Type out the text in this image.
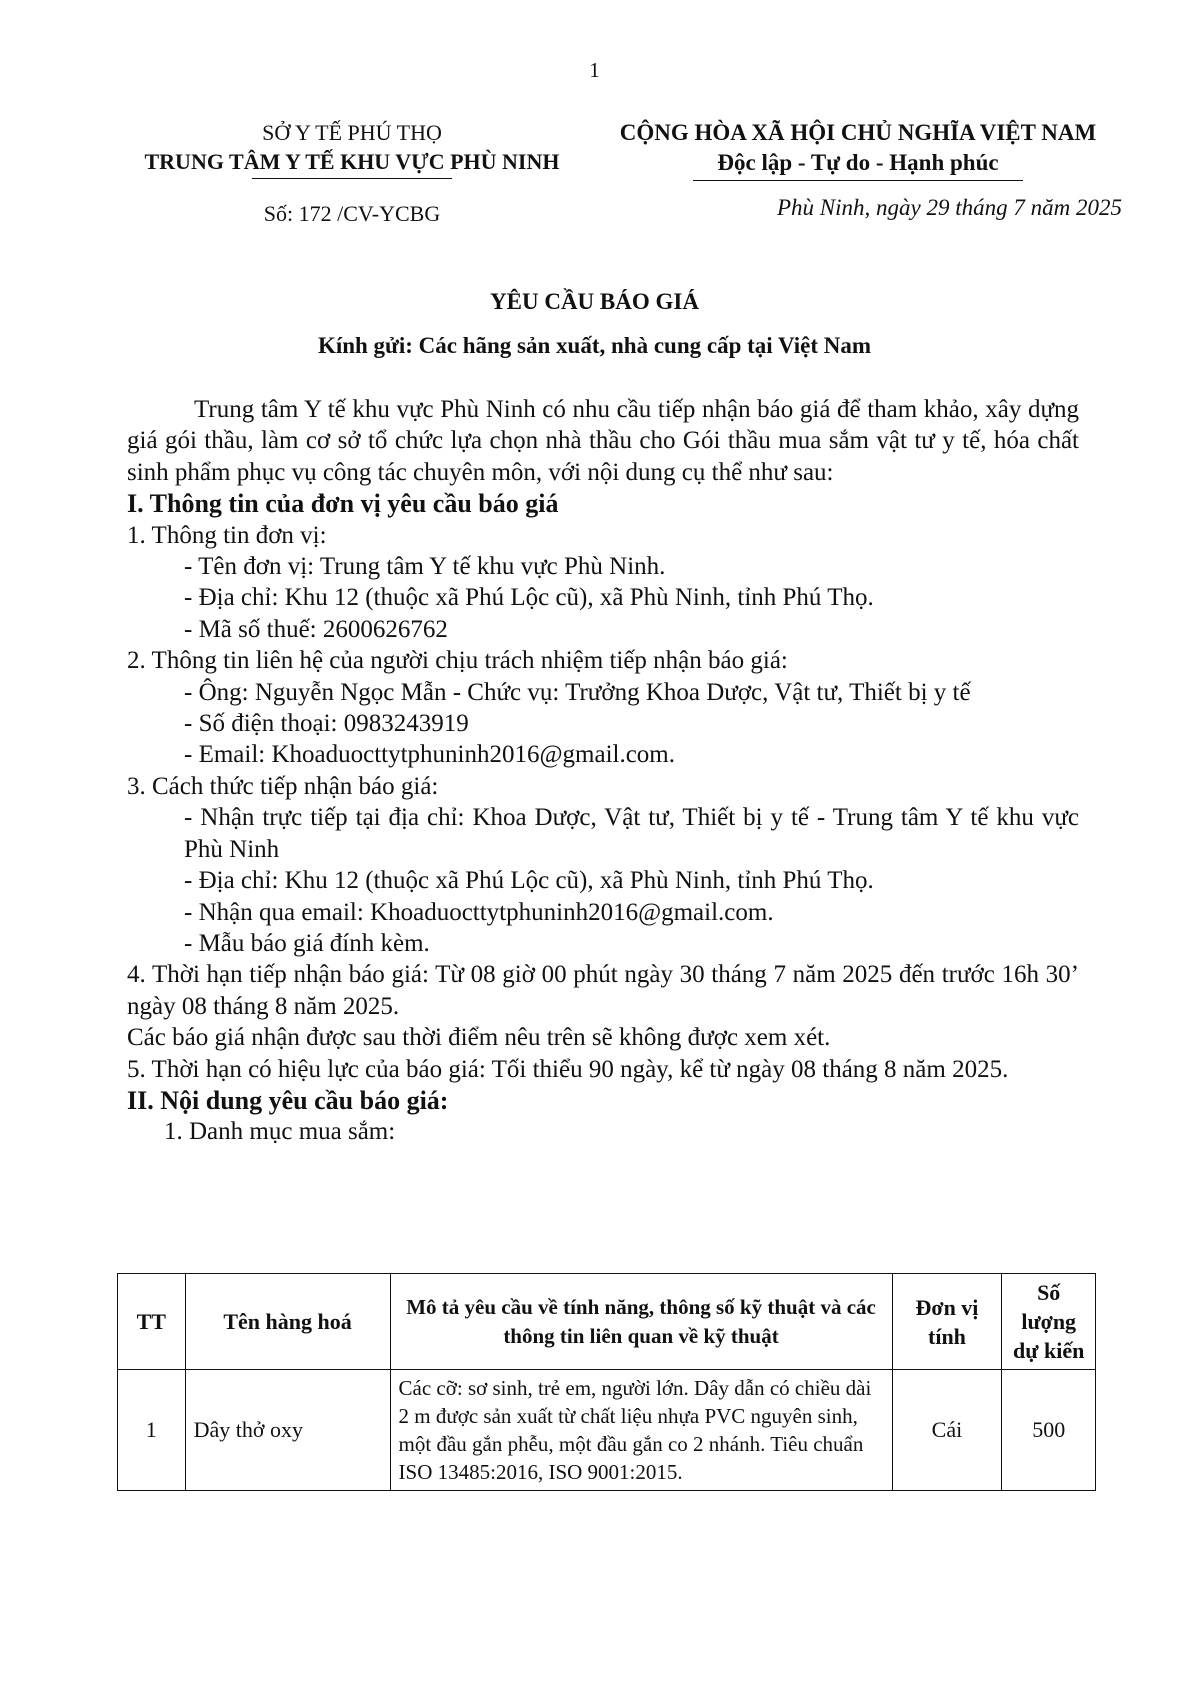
1
SỞ Y TẾ PHÚ THỌ
TRUNG TÂM Y TẾ KHU VỰC PHÙ NINH
Số: 172 /CV-YCBG
CỘNG HÒA XÃ HỘI CHỦ NGHĨA VIỆT NAM
Độc lập - Tự do - Hạnh phúc
Phù Ninh, ngày 29 tháng 7 năm 2025
YÊU CẦU BÁO GIÁ
Kính gửi: Các hãng sản xuất, nhà cung cấp tại Việt Nam

Trung tâm Y tế khu vực Phù Ninh có nhu cầu tiếp nhận báo giá để tham khảo, xây dựng giá gói thầu, làm cơ sở tổ chức lựa chọn nhà thầu cho Gói thầu mua sắm vật tư y tế, hóa chất sinh phẩm phục vụ công tác chuyên môn, với nội dung cụ thể như sau:

I. Thông tin của đơn vị yêu cầu báo giá

1. Thông tin đơn vị:

- Tên đơn vị: Trung tâm Y tế khu vực Phù Ninh.

- Địa chỉ: Khu 12 (thuộc xã Phú Lộc cũ), xã Phù Ninh, tỉnh Phú Thọ.

- Mã số thuế: 2600626762

2. Thông tin liên hệ của người chịu trách nhiệm tiếp nhận báo giá:

- Ông: Nguyễn Ngọc Mẫn - Chức vụ: Trưởng Khoa Dược, Vật tư, Thiết bị y tế

- Số điện thoại: 0983243919

- Email: Khoaduocttytphuninh2016@gmail.com.

3. Cách thức tiếp nhận báo giá:

- Nhận trực tiếp tại địa chỉ: Khoa Dược, Vật tư, Thiết bị y tế - Trung tâm Y tế khu vực Phù Ninh

- Địa chỉ: Khu 12 (thuộc xã Phú Lộc cũ), xã Phù Ninh, tỉnh Phú Thọ.

- Nhận qua email: Khoaduocttytphuninh2016@gmail.com.

- Mẫu báo giá đính kèm.

4. Thời hạn tiếp nhận báo giá: Từ 08 giờ 00 phút ngày 30 tháng 7 năm 2025 đến trước 16h 30’ ngày 08 tháng 8 năm 2025.

Các báo giá nhận được sau thời điểm nêu trên sẽ không được xem xét.

5. Thời hạn có hiệu lực của báo giá: Tối thiểu 90 ngày, kể từ ngày 08 tháng 8 năm 2025.

II. Nội dung yêu cầu báo giá:

1. Danh mục mua sắm:

TT	Tên hàng hoá	Mô tả yêu cầu về tính năng, thông số kỹ thuật và các thông tin liên quan về kỹ thuật	Đơn vị tính	Số lượng dự kiến
1	Dây thở oxy	Các cỡ: sơ sinh, trẻ em, người lớn. Dây dẫn có chiều dài 2 m được sản xuất từ chất liệu nhựa PVC nguyên sinh, một đầu gắn phễu, một đầu gắn co 2 nhánh. Tiêu chuẩn ISO 13485:2016, ISO 9001:2015.	Cái	500
